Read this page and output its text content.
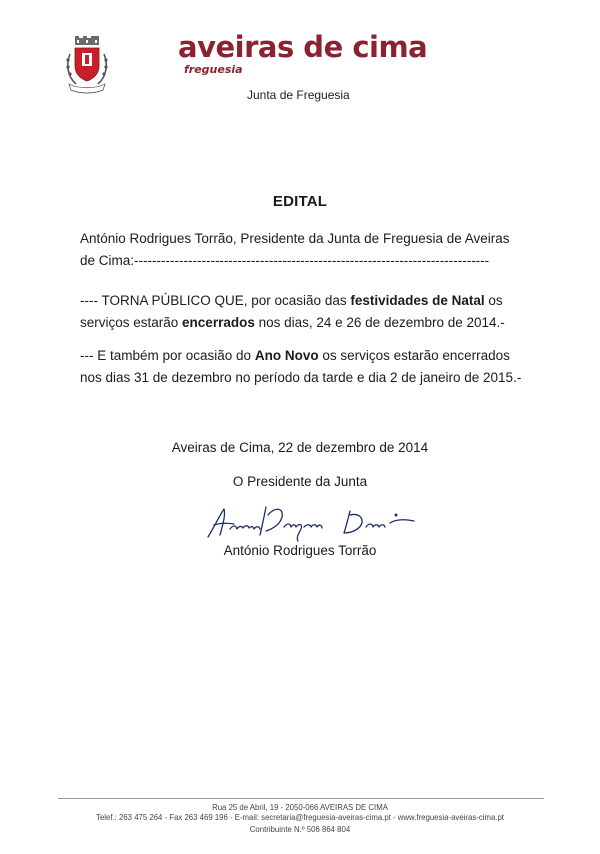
aveiras de cima
freguesia
Junta de Freguesia
EDITAL
António Rodrigues Torrão, Presidente da Junta de Freguesia de Aveiras
de Cima:-------------------------------------------------------------------------------
---- TORNA PÚBLICO QUE, por ocasião das festividades de Natal os
serviços estarão encerrados nos dias, 24 e 26 de dezembro de 2014.-
--- E também por ocasião do Ano Novo os serviços estarão encerrados
nos dias 31 de dezembro no período da tarde e dia 2 de janeiro de 2015.-
Aveiras de Cima, 22 de dezembro de 2014
O Presidente da Junta
António Rodrigues Torrão
Rua 25 de Abril, 19 - 2050-066 AVEIRAS DE CIMA
Telef.: 263 475 264 - Fax 263 469 196 - E-mail: secretaria@freguesia-aveiras-cima.pt - www.freguesia-aveiras-cima.pt
Contribuinte N.º 506 864 804
